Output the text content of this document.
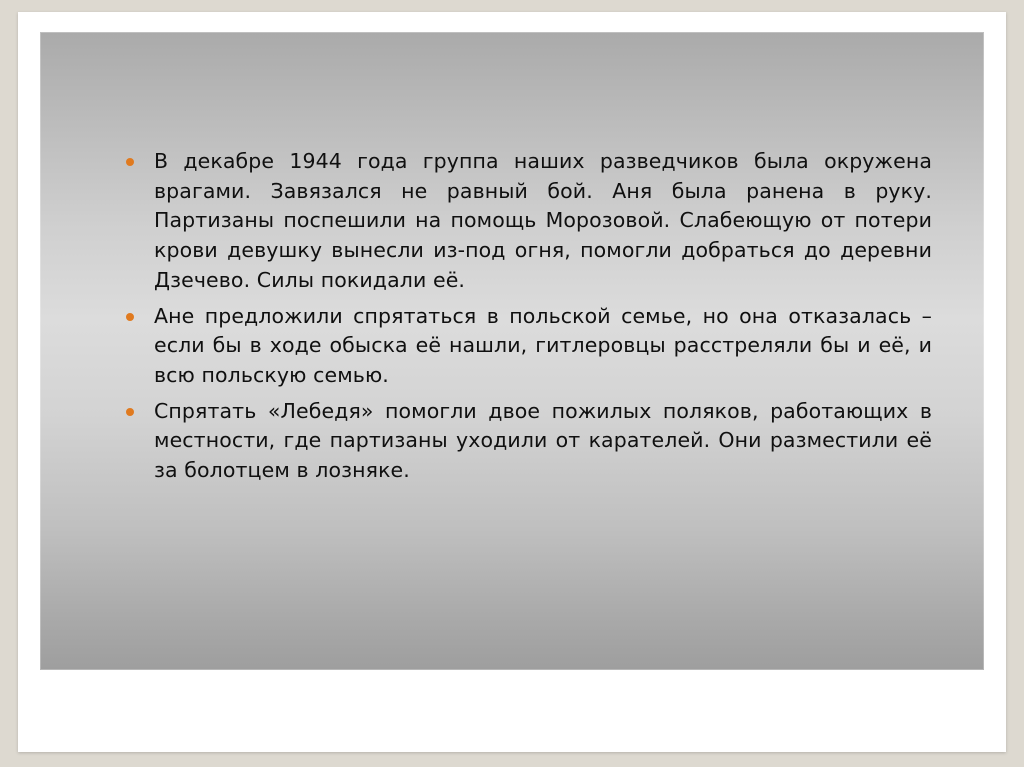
В декабре 1944 года группа наших разведчиков была окружена врагами. Завязался не равный бой. Аня была ранена в руку. Партизаны поспешили на помощь Морозовой. Слабеющую от потери крови девушку вынесли из-под огня, помогли добраться до деревни Дзечево. Силы покидали её.
Ане предложили спрятаться в польской семье, но она отказалась – если бы в ходе обыска её нашли, гитлеровцы расстреляли бы и её, и всю польскую семью.
Спрятать «Лебедя» помогли двое пожилых поляков, работающих в местности, где партизаны уходили от карателей. Они разместили её за болотцем в лозняке.
